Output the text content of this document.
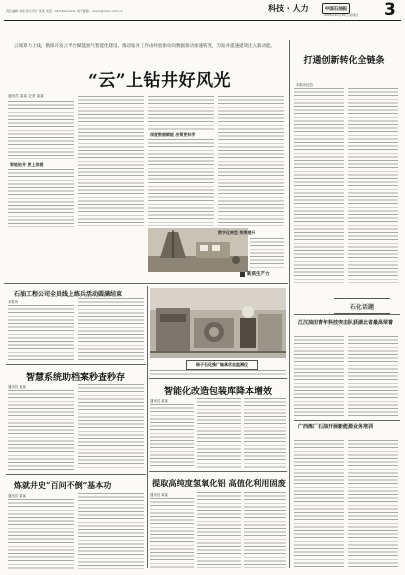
责任编辑 刘某 版式设计 某某 电话：010-6xxxxxxx 电子邮箱：xxxxx@cnpc.com.cn	科技 · 人力	中国石油报
2025年10月30日 星期四 3
云端算力上线，勘探开发云平台赋能油气智能化建设，推动钻井工作由经验驱动向数据驱动加速转变，为钻井提速提效注入新动能。
“云”上钻井好风光
通讯员 某某 记者 某某
智能钻井 更上层楼
深度数据赋能 决策更科学
数字化转型 效率提升
新质生产力
打通创新转化全链条
本报评论员
石化话题
江汉油田青年科技突击队获湖北省最高荣誉
广西炼厂石油开展新能源业务培训
石油工程公司全员线上练兵活动圆满结束
本报讯
智慧系统助档案秒查秒存
通讯员 某某
炼就井史“百问不倒”基本功
通讯员 某某
杨子石化推广轴承状态监测仪
智能化改造包装库降本增效
通讯员 某某
提取高纯度氢氧化铝 高值化利用固废
通讯员 某某
